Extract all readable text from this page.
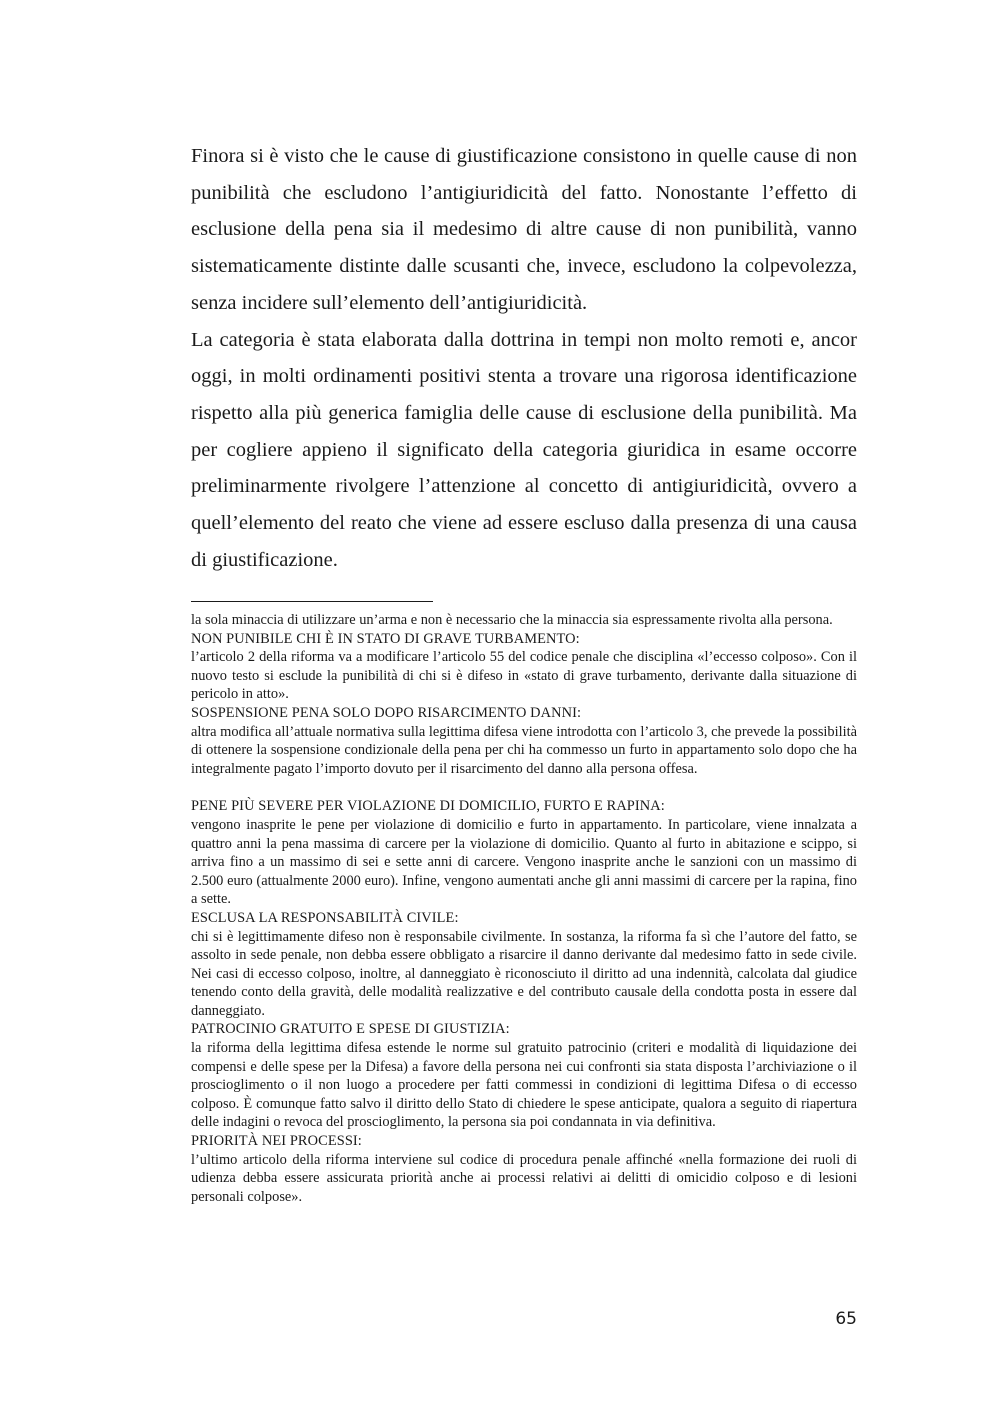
Finora si è visto che le cause di giustificazione consistono in quelle cause di non punibilità che escludono l’antigiuridicità del fatto. Nonostante l’effetto di esclusione della pena sia il medesimo di altre cause di non punibilità, vanno sistematicamente distinte dalle scusanti che, invece, escludono la colpevolezza, senza incidere sull’elemento dell’antigiuridicità.

La categoria è stata elaborata dalla dottrina in tempi non molto remoti e, ancor oggi, in molti ordinamenti positivi stenta a trovare una rigorosa identificazione rispetto alla più generica famiglia delle cause di esclusione della punibilità. Ma per cogliere appieno il significato della categoria giuridica in esame occorre preliminarmente rivolgere l’attenzione al concetto di antigiuridicità, ovvero a quell’elemento del reato che viene ad essere escluso dalla presenza di una causa di giustificazione.

la sola minaccia di utilizzare un’arma e non è necessario che la minaccia sia espressamente rivolta alla persona.

NON PUNIBILE CHI È IN STATO DI GRAVE TURBAMENTO:

l’articolo 2 della riforma va a modificare l’articolo 55 del codice penale che disciplina «l’eccesso colposo». Con il nuovo testo si esclude la punibilità di chi si è difeso in «stato di grave turbamento, derivante dalla situazione di pericolo in atto».

SOSPENSIONE PENA SOLO DOPO RISARCIMENTO DANNI:

altra modifica all’attuale normativa sulla legittima difesa viene introdotta con l’articolo 3, che prevede la possibilità di ottenere la sospensione condizionale della pena per chi ha commesso un furto in appartamento solo dopo che ha integralmente pagato l’importo dovuto per il risarcimento del danno alla persona offesa.

PENE PIÙ SEVERE PER VIOLAZIONE DI DOMICILIO, FURTO E RAPINA:

vengono inasprite le pene per violazione di domicilio e furto in appartamento. In particolare, viene innalzata a quattro anni la pena massima di carcere per la violazione di domicilio. Quanto al furto in abitazione e scippo, si arriva fino a un massimo di sei e sette anni di carcere. Vengono inasprite anche le sanzioni con un massimo di 2.500 euro (attualmente 2000 euro). Infine, vengono aumentati anche gli anni massimi di carcere per la rapina, fino a sette.

ESCLUSA LA RESPONSABILITÀ CIVILE:

chi si è legittimamente difeso non è responsabile civilmente. In sostanza, la riforma fa sì che l’autore del fatto, se assolto in sede penale, non debba essere obbligato a risarcire il danno derivante dal medesimo fatto in sede civile. Nei casi di eccesso colposo, inoltre, al danneggiato è riconosciuto il diritto ad una indennità, calcolata dal giudice tenendo conto della gravità, delle modalità realizzative e del contributo causale della condotta posta in essere dal danneggiato.

PATROCINIO GRATUITO E SPESE DI GIUSTIZIA:

la riforma della legittima difesa estende le norme sul gratuito patrocinio (criteri e modalità di liquidazione dei compensi e delle spese per la Difesa) a favore della persona nei cui confronti sia stata disposta l’archiviazione o il proscioglimento o il non luogo a procedere per fatti commessi in condizioni di legittima Difesa o di eccesso colposo. È comunque fatto salvo il diritto dello Stato di chiedere le spese anticipate, qualora a seguito di riapertura delle indagini o revoca del proscioglimento, la persona sia poi condannata in via definitiva.

PRIORITÀ NEI PROCESSI:

l’ultimo articolo della riforma interviene sul codice di procedura penale affinché «nella formazione dei ruoli di udienza debba essere assicurata priorità anche ai processi relativi ai delitti di omicidio colposo e di lesioni personali colpose».

65
